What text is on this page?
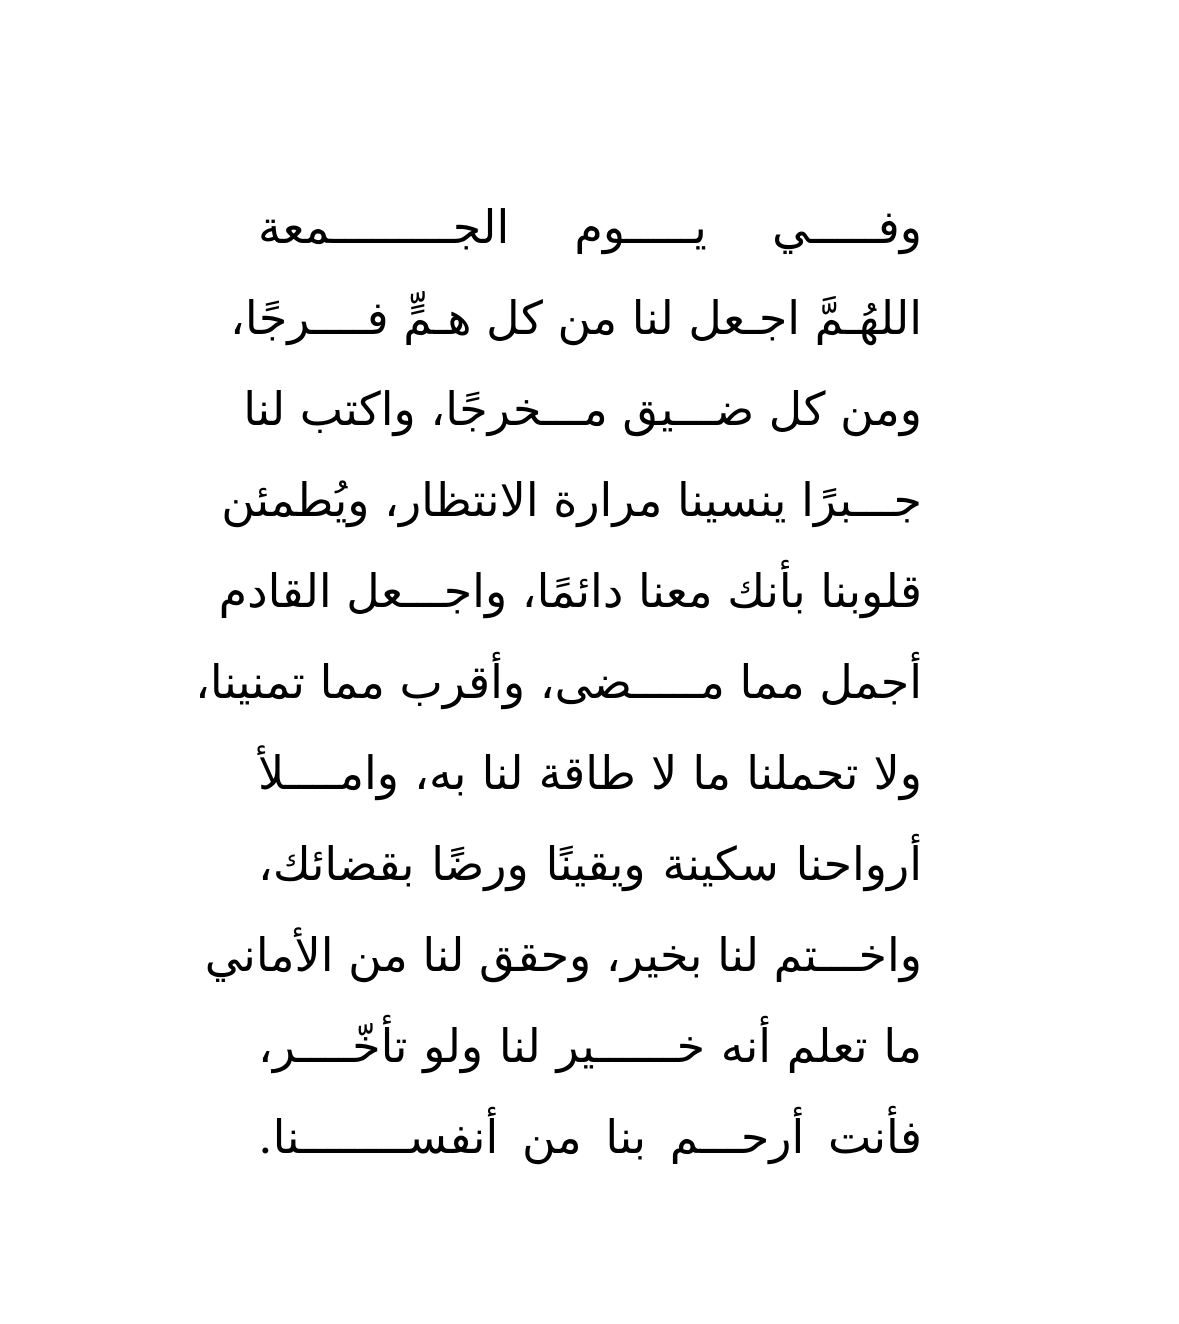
وفـــــي يـــــوم الجـــــــــمعة
اللهُـمَّ اجـعل لنا من كل هـمٍّ فــــرجًا،
ومن كل ضـــيق مـــخرجًا، واكتب لنا
جـــبرًا ينسينا مرارة الانتظار، ويُطمئن
قلوبنا بأنك معنا دائمًا، واجـــعل القادم
أجمل مما مـــــضى، وأقرب مما تمنينا،
ولا تحملنا ما لا طاقة لنا به، وامــــلأ
أرواحنا سكينة ويقينًا ورضًا بقضائك،
واخـــتم لنا بخير، وحقق لنا من الأماني
ما تعلم أنه خــــــير لنا ولو تأخّــــر،
فأنت أرحـــم بنا من أنفســــــــنا.
